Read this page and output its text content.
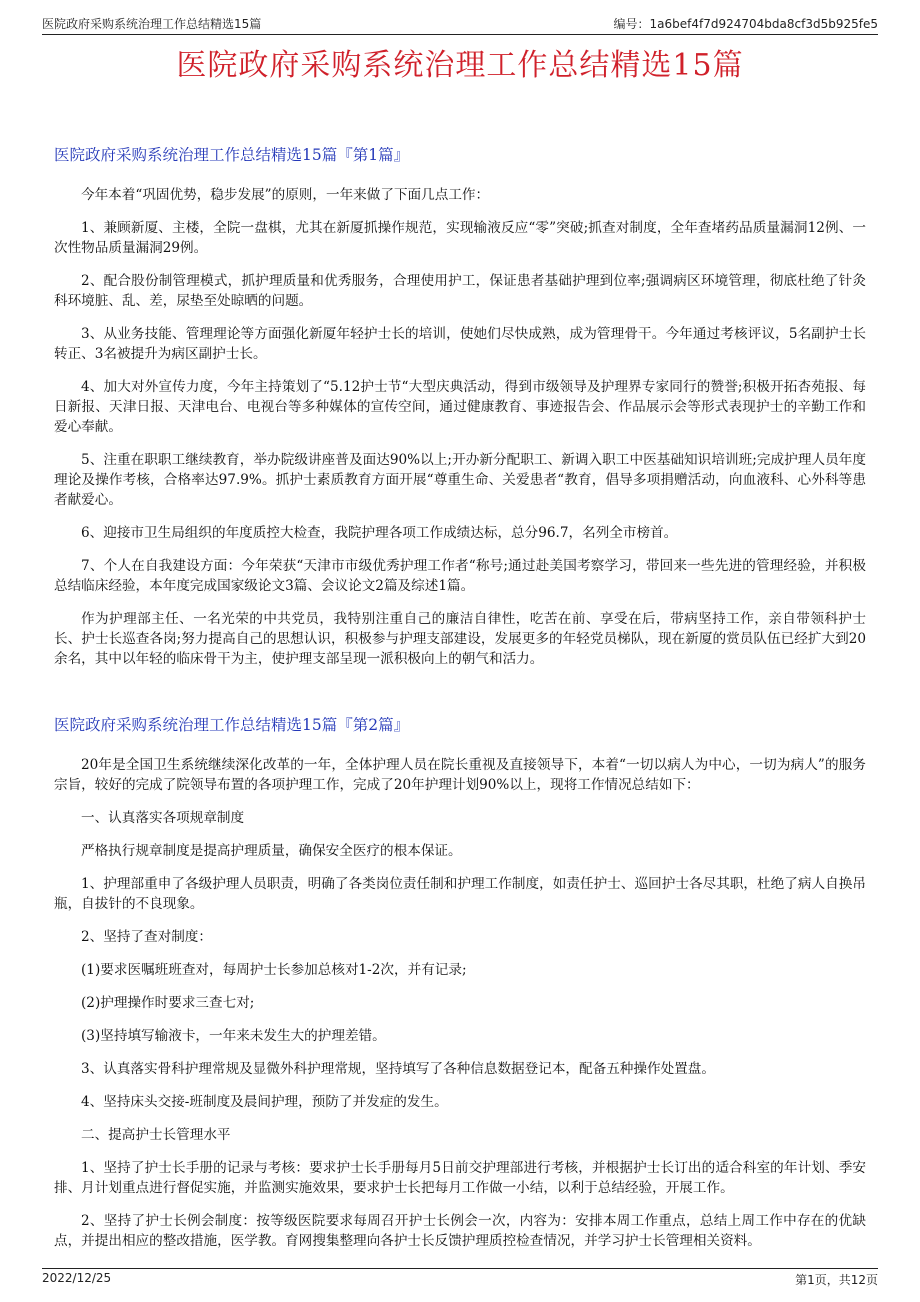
医院政府采购系统治理工作总结精选15篇	编号：1a6bef4f7d924704bda8cf3d5b925fe5
医院政府采购系统治理工作总结精选15篇
医院政府采购系统治理工作总结精选15篇『第1篇』

今年本着“巩固优势，稳步发展”的原则，一年来做了下面几点工作：

1、兼顾新厦、主楼，全院一盘棋，尤其在新厦抓操作规范，实现输液反应“零”突破;抓查对制度，全年查堵药品质量漏洞12例、一次性物品质量漏洞29例。

2、配合股份制管理模式，抓护理质量和优秀服务，合理使用护工，保证患者基础护理到位率;强调病区环境管理，彻底杜绝了针灸科环境脏、乱、差，尿垫至处晾晒的问题。

3、从业务技能、管理理论等方面强化新厦年轻护士长的培训，使她们尽快成熟，成为管理骨干。今年通过考核评议，5名副护士长转正、3名被提升为病区副护士长。

4、加大对外宣传力度，今年主持策划了“5.12护士节“大型庆典活动，得到市级领导及护理界专家同行的赞誉;积极开拓杏苑报、每日新报、天津日报、天津电台、电视台等多种媒体的宣传空间，通过健康教育、事迹报告会、作品展示会等形式表现护士的辛勤工作和爱心奉献。

5、注重在职职工继续教育，举办院级讲座普及面达90%以上;开办新分配职工、新调入职工中医基础知识培训班;完成护理人员年度理论及操作考核，合格率达97.9%。抓护士素质教育方面开展“尊重生命、关爱患者“教育，倡导多项捐赠活动，向血液科、心外科等患者献爱心。

6、迎接市卫生局组织的年度质控大检查，我院护理各项工作成绩达标，总分96.7，名列全市榜首。

7、个人在自我建设方面：今年荣获“天津市市级优秀护理工作者“称号;通过赴美国考察学习，带回来一些先进的管理经验，并积极总结临床经验，本年度完成国家级论文3篇、会议论文2篇及综述1篇。

作为护理部主任、一名光荣的中共党员，我特别注重自己的廉洁自律性，吃苦在前、享受在后，带病坚持工作，亲自带领科护士长、护士长巡查各岗;努力提高自己的思想认识，积极参与护理支部建设，发展更多的年轻党员梯队，现在新厦的赏员队伍已经扩大到20余名，其中以年轻的临床骨干为主，使护理支部呈现一派积极向上的朝气和活力。

医院政府采购系统治理工作总结精选15篇『第2篇』

20年是全国卫生系统继续深化改革的一年，全体护理人员在院长重视及直接领导下，本着“一切以病人为中心，一切为病人”的服务宗旨，较好的完成了院领导布置的各项护理工作，完成了20年护理计划90%以上，现将工作情况总结如下：

一、认真落实各项规章制度

严格执行规章制度是提高护理质量，确保安全医疗的根本保证。

1、护理部重申了各级护理人员职责，明确了各类岗位责任制和护理工作制度，如责任护士、巡回护士各尽其职，杜绝了病人自换吊瓶，自拔针的不良现象。

2、坚持了查对制度：

(1)要求医嘱班班查对，每周护士长参加总核对1-2次，并有记录;

(2)护理操作时要求三查七对;

(3)坚持填写输液卡，一年来未发生大的护理差错。

3、认真落实骨科护理常规及显微外科护理常规，坚持填写了各种信息数据登记本，配备五种操作处置盘。

4、坚持床头交接-班制度及晨间护理，预防了并发症的发生。

二、提高护士长管理水平

1、坚持了护士长手册的记录与考核：要求护士长手册每月5日前交护理部进行考核，并根据护士长订出的适合科室的年计划、季安排、月计划重点进行督促实施，并监测实施效果，要求护士长把每月工作做一小结，以利于总结经验，开展工作。

2、坚持了护士长例会制度：按等级医院要求每周召开护士长例会一次，内容为：安排本周工作重点，总结上周工作中存在的优缺点，并提出相应的整改措施，医学教。育网搜集整理向各护士长反馈护理质控检查情况，并学习护士长管理相关资料。

2022/12/25	第1页，共12页
